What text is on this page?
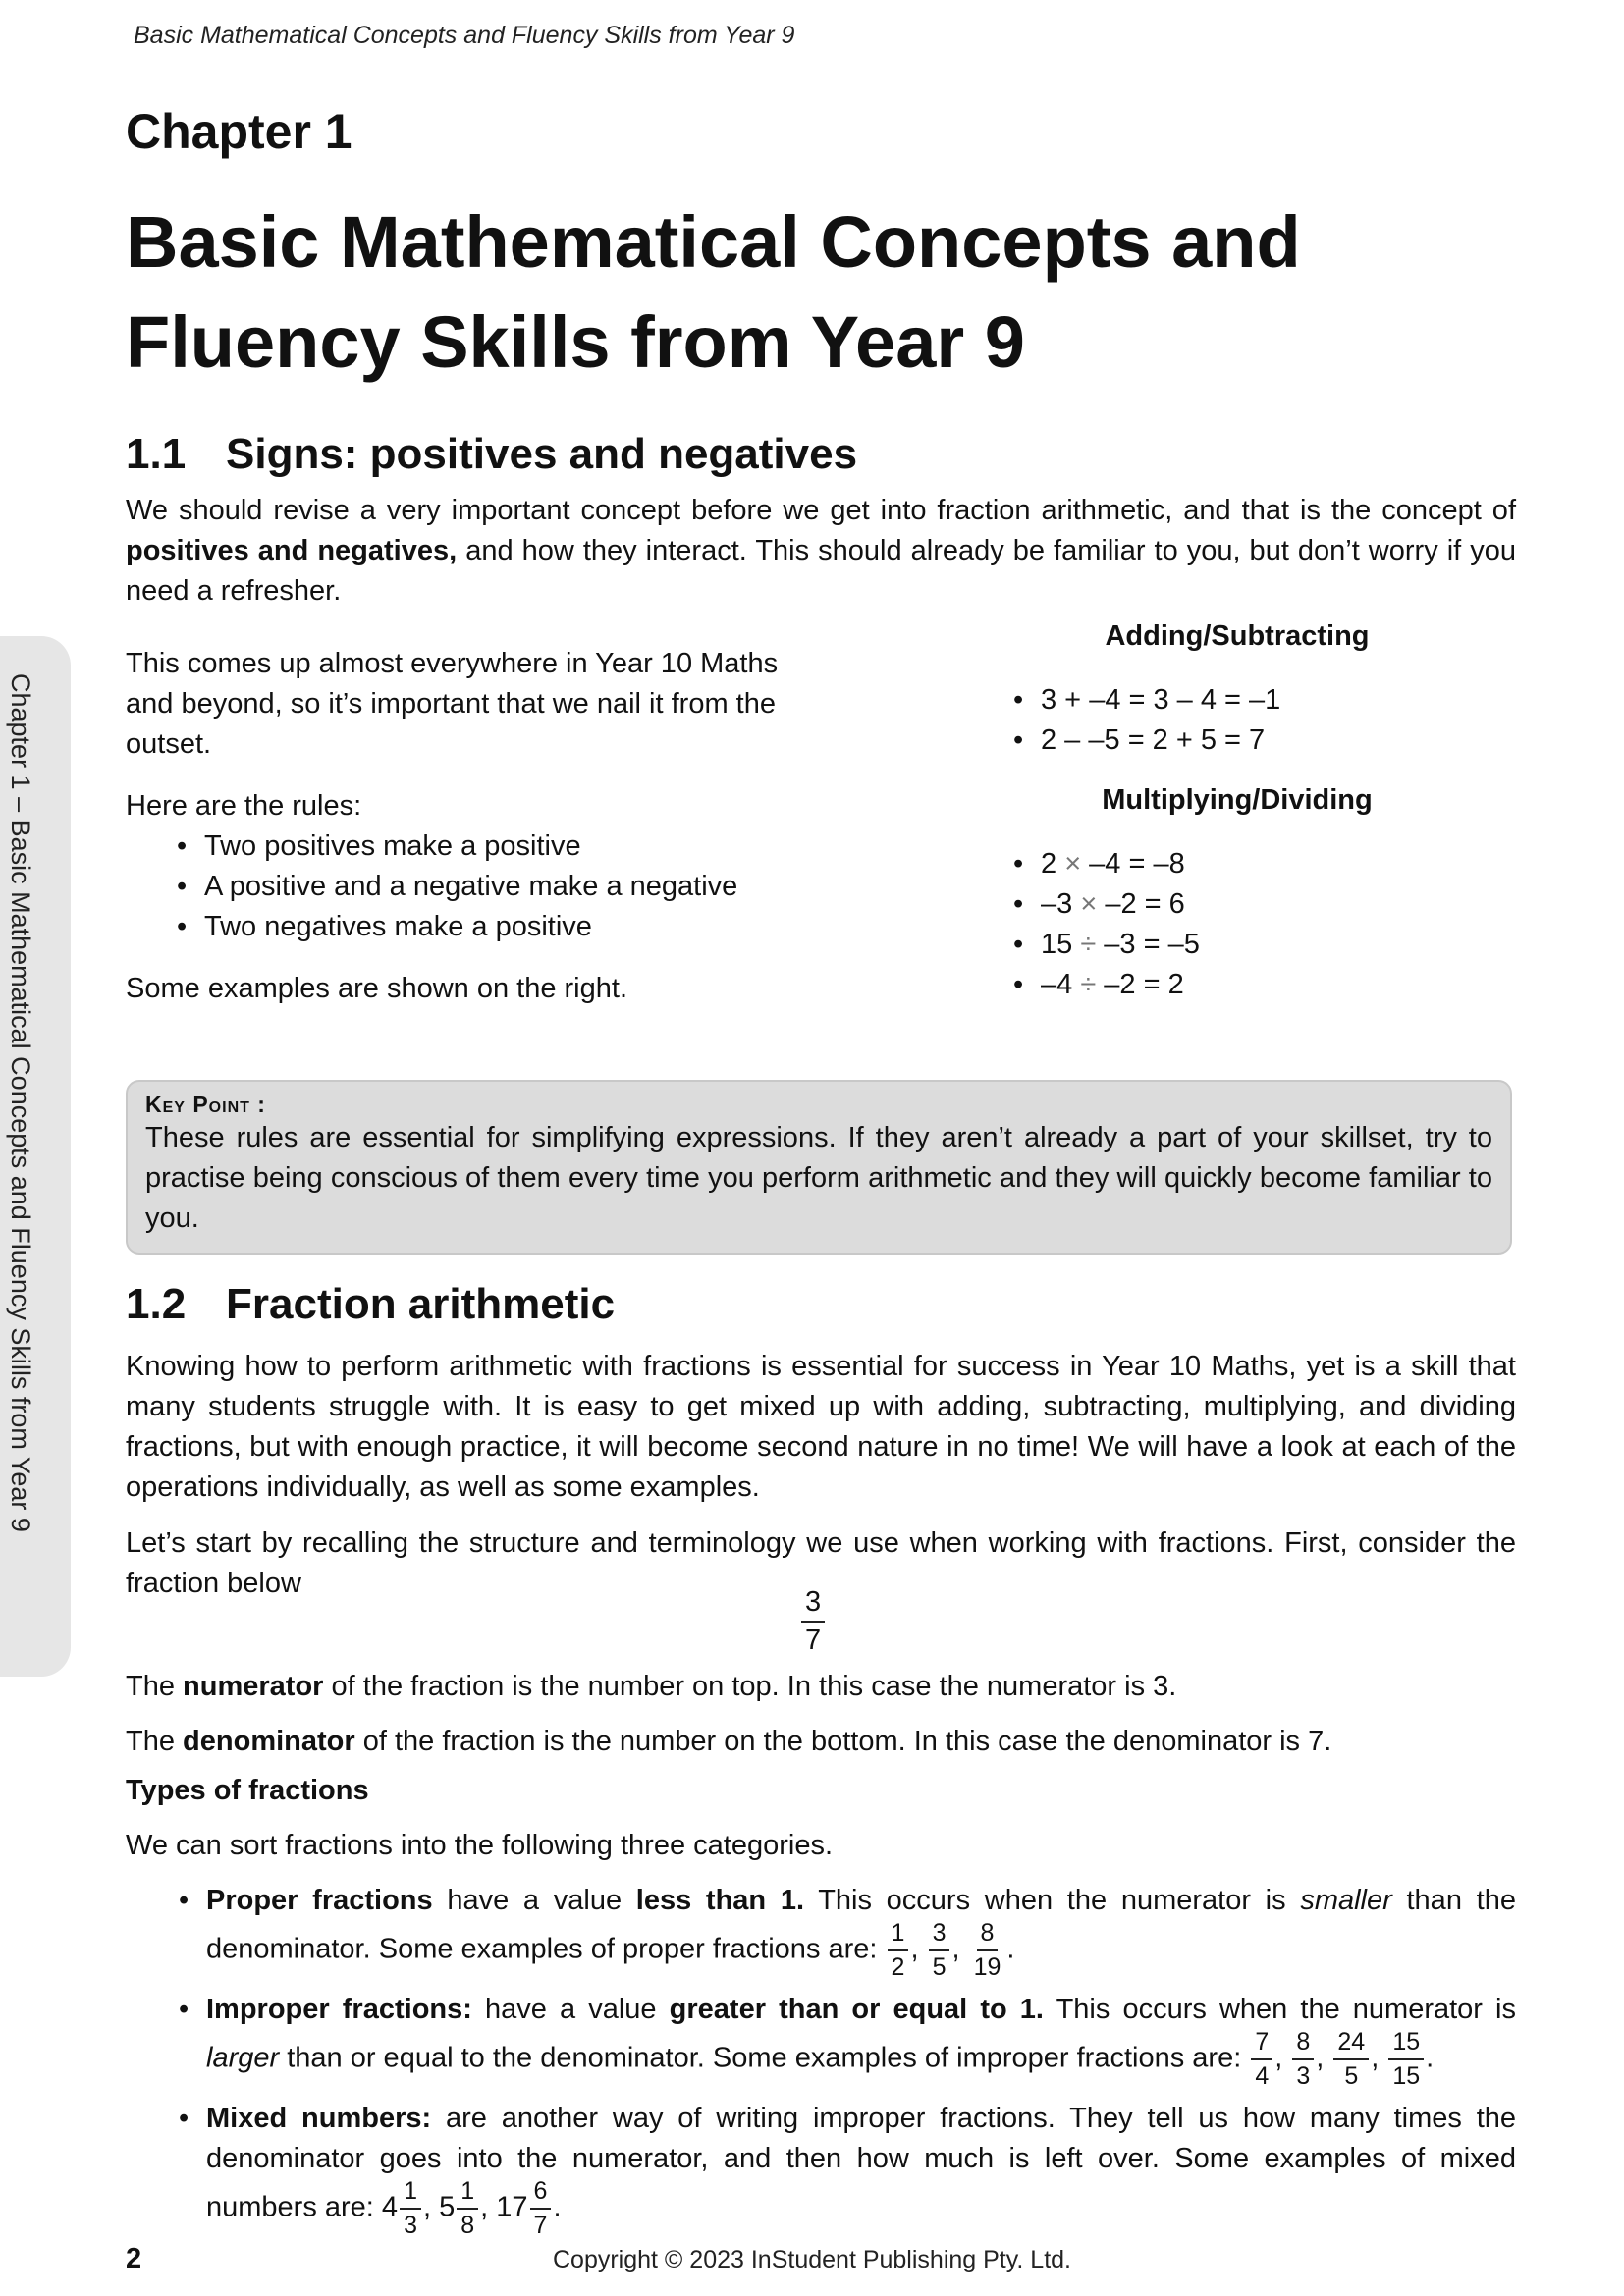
Basic Mathematical Concepts and Fluency Skills from Year 9
Chapter 1 – Basic Mathematical Concepts and Fluency Skills from Year 9
Chapter 1
Basic Mathematical Concepts and Fluency Skills from Year 9
1.1 Signs: positives and negatives
We should revise a very important concept before we get into fraction arithmetic, and that is the concept of positives and negatives, and how they interact. This should already be familiar to you, but don’t worry if you need a refresher.

This comes up almost everywhere in Year 10 Maths and beyond, so it’s important that we nail it from the outset.

Here are the rules:

• Two positives make a positive
• A positive and a negative make a negative
• Two negatives make a positive

Some examples are shown on the right.

Adding/Subtracting
• 3 + –4 = 3 – 4 = –1
• 2 – –5 = 2 + 5 = 7
Multiplying/Dividing
• 2 × –4 = –8
• –3 × –2 = 6
• 15 ÷ –3 = –5
• –4 ÷ –2 = 2
Key Point :
These rules are essential for simplifying expressions. If they aren’t already a part of your skillset, try to practise being conscious of them every time you perform arithmetic and they will quickly become familiar to you.
1.2 Fraction arithmetic
Knowing how to perform arithmetic with fractions is essential for success in Year 10 Maths, yet is a skill that many students struggle with. It is easy to get mixed up with adding, subtracting, multiplying, and dividing fractions, but with enough practice, it will become second nature in no time! We will have a look at each of the operations individually, as well as some examples.
Let’s start by recalling the structure and terminology we use when working with fractions. First, consider the fraction below
$\frac{3}{7}$
The numerator of the fraction is the number on top. In this case the numerator is 3.
The denominator of the fraction is the number on the bottom. In this case the denominator is 7.
Types of fractions
We can sort fractions into the following three categories.
• Proper fractions have a value less than 1. This occurs when the numerator is smaller than the denominator. Some examples of proper fractions are: $\frac{1}{2}$ , $\frac{3}{5}$ , $\frac{8}{19}$ .
• Improper fractions: have a value greater than or equal to 1. This occurs when the numerator is larger than or equal to the denominator. Some examples of improper fractions are: $\frac{7}{4}$ , $\frac{8}{3}$ , $\frac{24}{5}$ , $\frac{15}{15}$ .
• Mixed numbers: are another way of writing improper fractions. They tell us how many times the denominator goes into the numerator, and then how much is left over. Some examples of mixed numbers are: $4 \frac{1}{3}$ , $5 \frac{1}{8}$ , $17 \frac{6}{7}$ .
2	Copyright © 2023 InStudent Publishing Pty. Ltd.
